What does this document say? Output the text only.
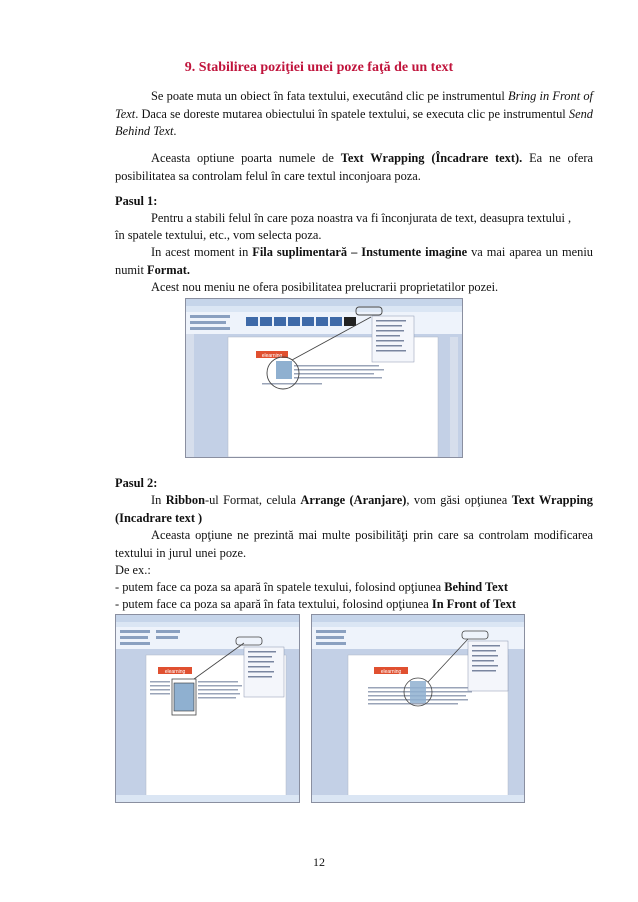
9. Stabilirea poziţiei unei poze faţă de un text
Se poate muta un obiect în fata textului, executând clic pe instrumentul Bring in Front of Text. Daca se doreste mutarea obiectului în spatele textului, se executa clic pe instrumentul Send Behind Text.
Aceasta optiune poarta numele de Text Wrapping (Încadrare text). Ea ne ofera posibilitatea sa controlam felul în care textul inconjoara poza.
Pasul 1:
Pentru a stabili felul în care poza noastra va fi înconjurata de text, deasupra textului ,
în spatele textului, etc., vom selecta poza.
In acest moment in Fila suplimentară – Instumente imagine va mai aparea un meniu numit Format.
Acest nou meniu ne ofera posibilitatea prelucrarii proprietatilor pozei.
elearning
Pasul 2:
In Ribbon-ul Format, celula Arrange (Aranjare), vom găsi opţiunea Text Wrapping (Incadrare text )
Aceasta opţiune ne prezintă mai multe posibilităţi prin care sa controlam modificarea textului in jurul unei poze.
De ex.:
- putem face ca poza sa apară în spatele texului, folosind opţiunea Behind Text
- putem face ca poza sa apară în fata textului, folosind opţiunea In Front of Text
elearning	elearning
12
